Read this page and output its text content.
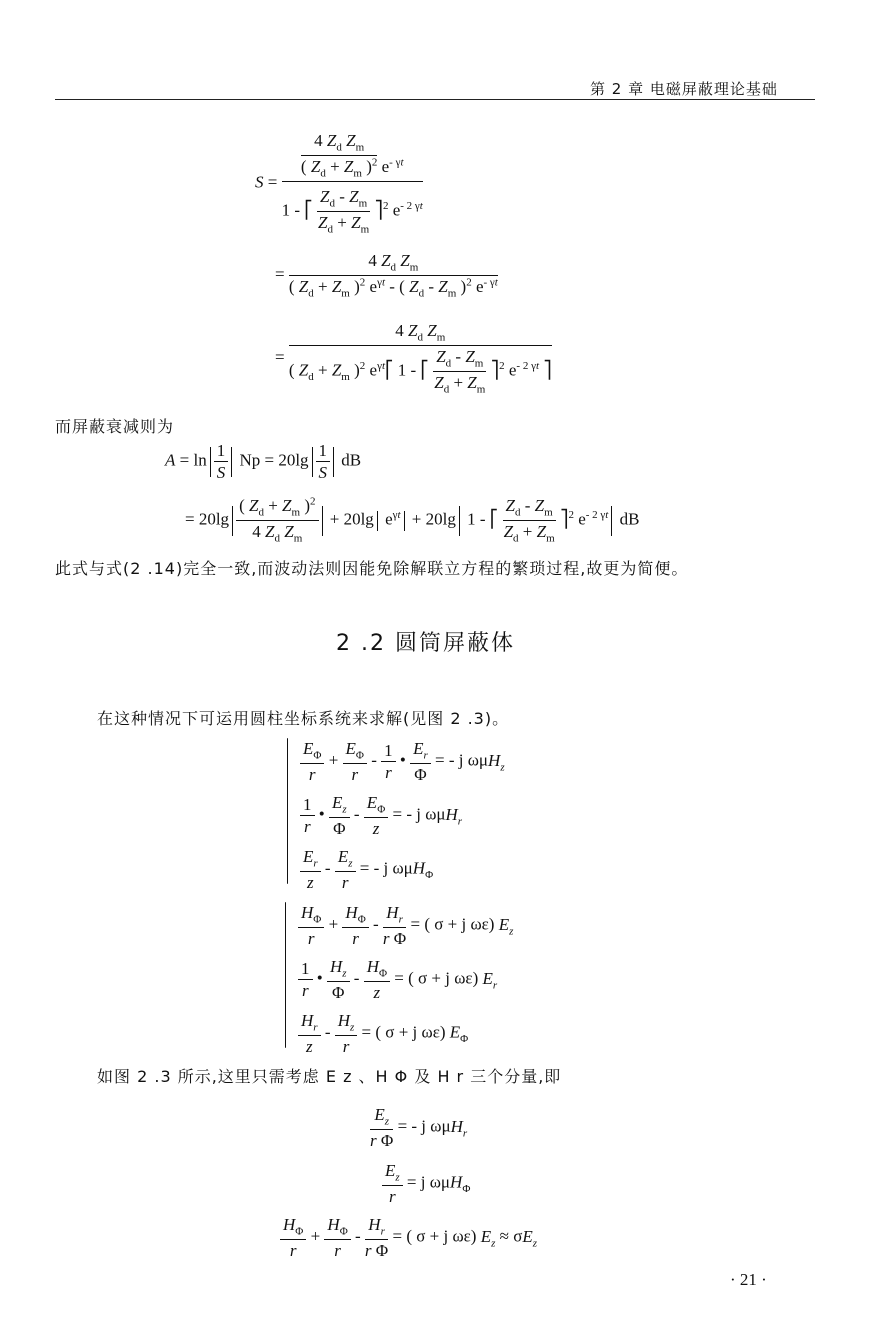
第 2 章 电磁屏蔽理论基础
S =
$\frac{4 Z_d Z_m}{( Z_d + Z_m )^2} e^{- \gamma t}$
1 - ⎡ $\frac{Z_d - Z_m}{Z_d + Z_m}$ ⎤$^2$ $e^{- 2 \gamma t}$
=
4 $Z_d$ $Z_m$
( $Z_d + Z_m$ )$^2$ $e^{\gamma t}$ - ( $Z_d - Z_m$ )$^2$ $e^{- \gamma t}$
=
4 $Z_d$ $Z_m$
( $Z_d + Z_m$ )$^2$ $e^{\gamma t}⎡$ 1 - ⎡ $\frac{Z_d - Z_m}{Z_d + Z_m}$ ⎤$^2$ $e^{- 2 \gamma t}$ ⎤
而屏蔽衰减则为
$A = \ln \frac{1}{S}$ $Np = 20\lg \frac{1}{S}$ dB
= $20\lg \frac{( Z_d + Z_m )^2}{4 Z_d Z_m} + 20\lg$ $e^{\gamma t} + 20\lg$ 1 - ⎡ $\frac{Z_d - Z_m}{Z_d + Z_m}$ ⎤$^2$ $e^{- 2 \gamma t}$ dB
此式与式(2 .14)完全一致,而波动法则因能免除解联立方程的繁琐过程,故更为简便。
2 .2 圆筒屏蔽体
在这种情况下可运用圆柱坐标系统来求解(见图 2 .3)。
$\frac{E_\Phi}{r} + \frac{E_\Phi}{r} - \frac{1}{r}$ • $\frac{E_r}{\Phi}$ = - j ωμH$_z$
$\frac{1}{r}$ • $\frac{E_z}{\Phi} - \frac{E_\Phi}{z}$ = - j ωμH$_r$
$\frac{E_r}{z} - \frac{E_z}{r}$ = - j ωμH$_\Phi$
$\frac{H_\Phi}{r} + \frac{H_\Phi}{r} - \frac{H_r}{\text{r Φ}}$ = ( σ + j ωε) $E_z$
$\frac{1}{r}$ • $\frac{H_z}{\Phi} - \frac{H_\Phi}{z}$ = ( σ + j ωε) $E_r$
$\frac{H_r}{z} - \frac{H_z}{r}$ = ( σ + j ωε) $E_\Phi$
如图 2 .3 所示,这里只需考虑 E z 、H Φ 及 H r 三个分量,即
$\frac{E_z}{\text{r Φ}}$ = - j ωμH$_r$
$\frac{E_z}{r} = j$ ωμH$_\Phi$
$\frac{H_\Phi}{r} + \frac{H_\Phi}{r} - \frac{H_r}{\text{r Φ}}$ = ( σ + j ωε) $E_z \approx \sigma E_z$
· 21 ·
